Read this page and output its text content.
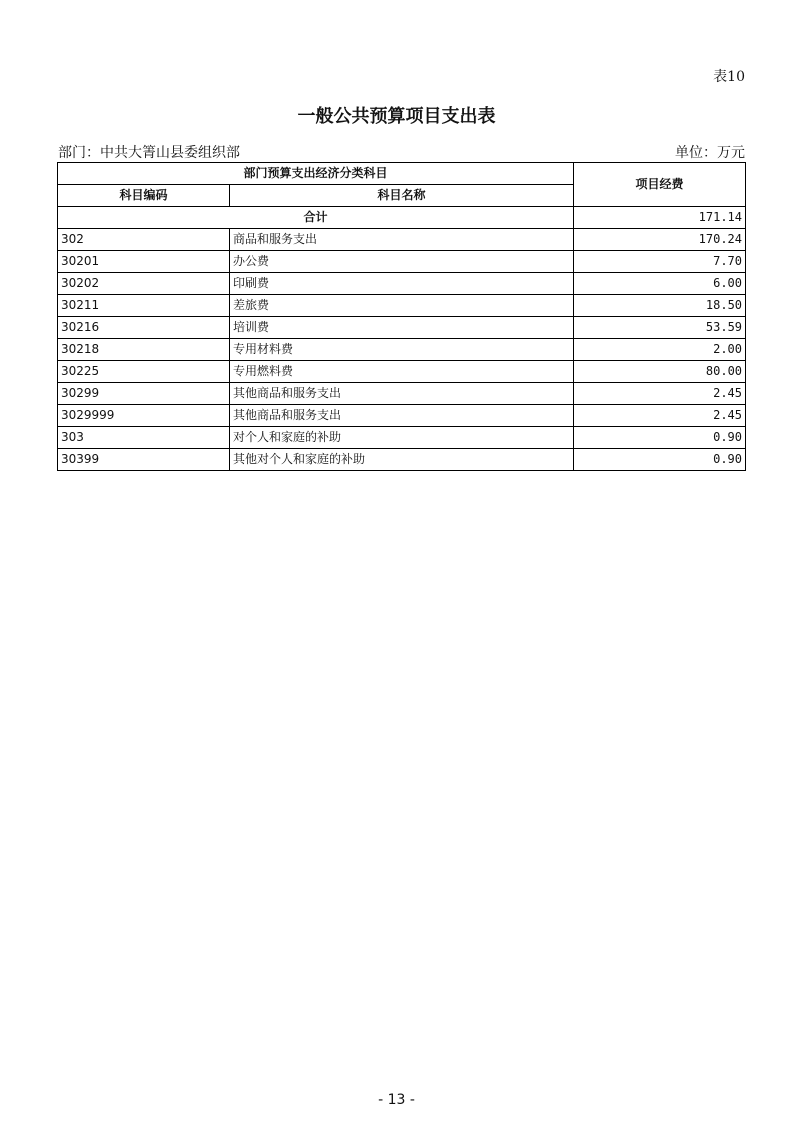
表10
一般公共预算项目支出表
部门：中共大箐山县委组织部	单位：万元
部门预算支出经济分类科目		项目经费
科目编码	科目名称	
合计		171.14
302	商品和服务支出	170.24
30201	办公费	7.70
30202	印刷费	6.00
30211	差旅费	18.50
30216	培训费	53.59
30218	专用材料费	2.00
30225	专用燃料费	80.00
30299	其他商品和服务支出	2.45
3029999	其他商品和服务支出	2.45
303	对个人和家庭的补助	0.90
30399	其他对个人和家庭的补助	0.90
- 13 -
